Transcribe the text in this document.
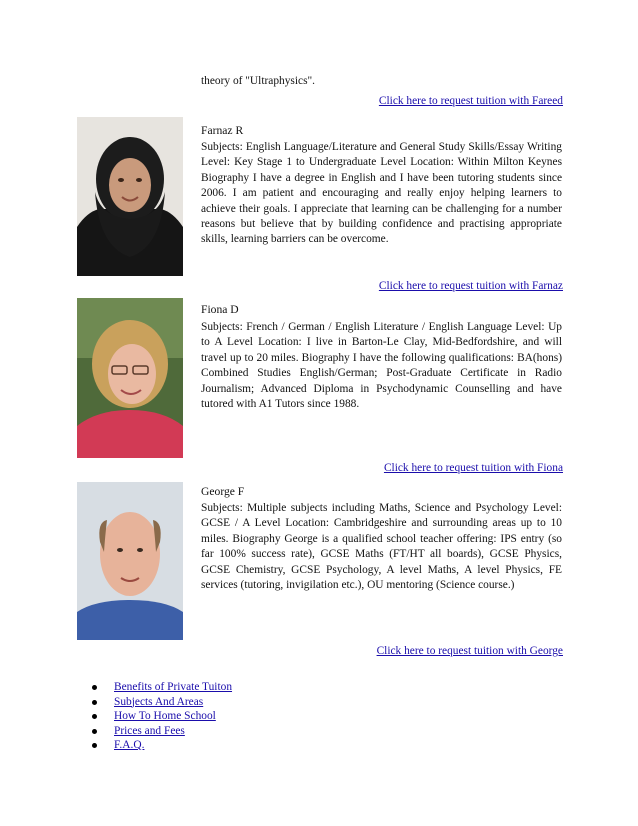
theory of "Ultraphysics".
Click here to request tuition with Fareed
Farnaz R
Subjects: English Language/Literature and General Study Skills/Essay Writing Level: Key Stage 1 to Undergraduate Level Location: Within Milton Keynes Biography I have a degree in English and I have been tutoring students since 2006. I am patient and encouraging and really enjoy helping learners to achieve their goals. I appreciate that learning can be challenging for a number reasons but believe that by building confidence and practising appropriate skills, learning barriers can be overcome.
Click here to request tuition with Farnaz
Fiona D
Subjects: French / German / English Literature / English Language Level: Up to A Level Location: I live in Barton-Le Clay, Mid-Bedfordshire, and will travel up to 20 miles. Biography I have the following qualifications: BA(hons) Combined Studies English/German; Post-Graduate Certificate in Radio Journalism; Advanced Diploma in Psychodynamic Counselling and have tutored with A1 Tutors since 1988.
Click here to request tuition with Fiona
George F
Subjects: Multiple subjects including Maths, Science and Psychology Level: GCSE / A Level Location: Cambridgeshire and surrounding areas up to 10 miles. Biography George is a qualified school teacher offering: IPS entry (so far 100% success rate), GCSE Maths (FT/HT all boards), GCSE Physics, GCSE Chemistry, GCSE Psychology, A level Maths, A level Physics, FE services (tutoring, invigilation etc.), OU mentoring (Science course.)
Click here to request tuition with George
Benefits of Private Tuiton
Subjects And Areas
How To Home School
Prices and Fees
F.A.Q.
